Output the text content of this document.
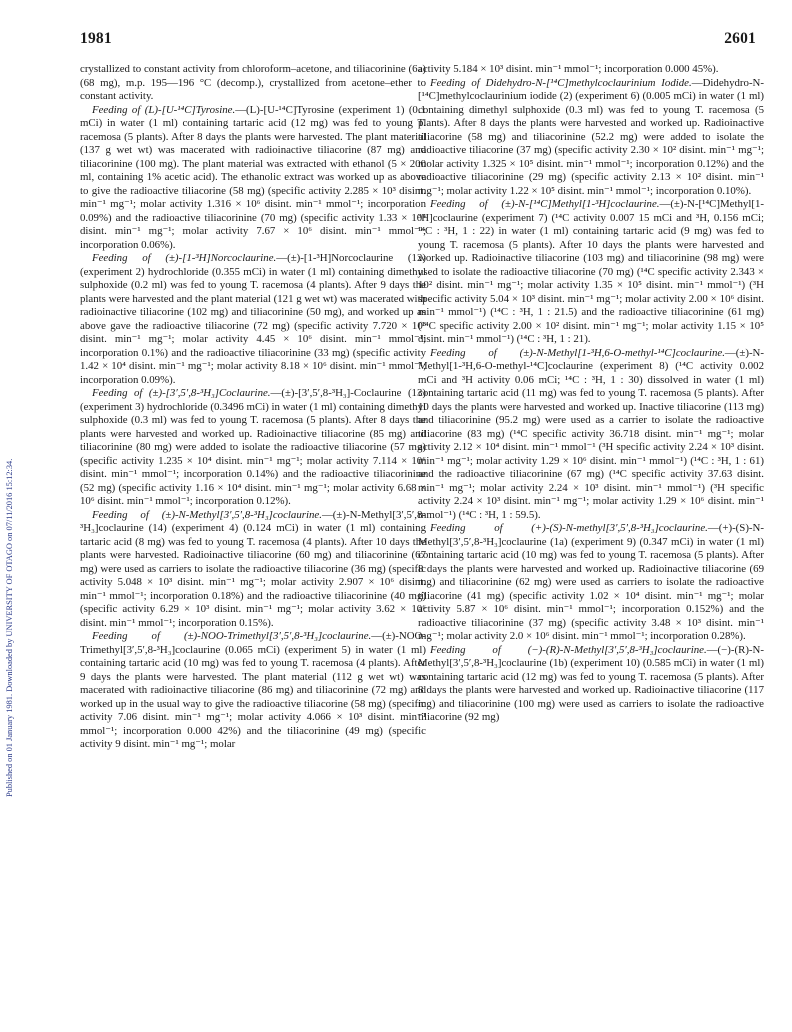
1981	2601
Published on 01 January 1981. Downloaded by UNIVERSITY OF OTAGO on 07/11/2016 15:12:34.

crystallized to constant activity from chloroform–acetone, and tiliacorinine (6a) (68 mg), m.p. 195—196 °C (decomp.), crystallized from acetone–ether to constant activity.

Feeding of (L)-[U-¹⁴C]Tyrosine.—(L)-[U-¹⁴C]Tyrosine (experiment 1) (0.1 mCi) in water (1 ml) containing tartaric acid (12 mg) was fed to young T. racemosa (5 plants). After 8 days the plants were harvested. The plant material (137 g wet wt) was macerated with radioinactive tiliacorine (87 mg) and tiliacorinine (100 mg). The plant material was extracted with ethanol (5 × 200 ml, containing 1% acetic acid). The ethanolic extract was worked up as above to give the radioactive tiliacorine (58 mg) (specific activity 2.285 × 10³ disint. min⁻¹ mg⁻¹; molar activity 1.316 × 10⁶ disint. min⁻¹ mmol⁻¹; incorporation 0.09%) and the radioactive tiliacorinine (70 mg) (specific activity 1.33 × 10⁴ disint. min⁻¹ mg⁻¹; molar activity 7.67 × 10⁶ disint. min⁻¹ mmol⁻¹; incorporation 0.06%).

Feeding of (±)-[1-³H]Norcoclaurine.—(±)-[1-³H]Norcoclaurine (12) (experiment 2) hydrochloride (0.355 mCi) in water (1 ml) containing dimethyl sulphoxide (0.2 ml) was fed to young T. racemosa (4 plants). After 9 days the plants were harvested and the plant material (121 g wet wt) was macerated with radioinactive tiliacorine (102 mg) and tiliacorinine (50 mg), and worked up as above gave the radioactive tiliacorine (72 mg) (specific activity 7.720 × 10³ disint. min⁻¹ mg⁻¹; molar activity 4.45 × 10⁶ disint. min⁻¹ mmol⁻¹; incorporation 0.1%) and the radioactive tiliacorinine (33 mg) (specific activity 1.42 × 10⁴ disint. min⁻¹ mg⁻¹; molar activity 8.18 × 10⁶ disint. min⁻¹ mmol⁻¹; incorporation 0.09%).

Feeding of (±)-[3′,5′,8-³H₃]Coclaurine.—(±)-[3′,5′,8-³H₃]-Coclaurine (13) (experiment 3) hydrochloride (0.3496 mCi) in water (1 ml) containing dimethyl sulphoxide (0.3 ml) was fed to young T. racemosa (5 plants). After 8 days the plants were harvested and worked up. Radioinactive tiliacorine (85 mg) and tiliacorinine (80 mg) were added to isolate the radioactive tiliacorine (57 mg) (specific activity 1.235 × 10⁴ disint. min⁻¹ mg⁻¹; molar activity 7.114 × 10⁶ disint. min⁻¹ mmol⁻¹; incorporation 0.14%) and the radioactive tiliacorinine (52 mg) (specific activity 1.16 × 10⁴ disint. min⁻¹ mg⁻¹; molar activity 6.68 × 10⁶ disint. min⁻¹ mmol⁻¹; incorporation 0.12%).

Feeding of (±)-N-Methyl[3′,5′,8-³H₃]coclaurine.—(±)-N-Methyl[3′,5′,8-³H₃]coclaurine (14) (experiment 4) (0.124 mCi) in water (1 ml) containing tartaric acid (8 mg) was fed to young T. racemosa (4 plants). After 10 days the plants were harvested. Radioinactive tiliacorine (60 mg) and tiliacorinine (67 mg) were used as carriers to isolate the radioactive tiliacorine (36 mg) (specific activity 5.048 × 10³ disint. min⁻¹ mg⁻¹; molar activity 2.907 × 10⁶ disint. min⁻¹ mmol⁻¹; incorporation 0.18%) and the radioactive tiliacorinine (40 mg) (specific activity 6.29 × 10³ disint. min⁻¹ mg⁻¹; molar activity 3.62 × 10⁶ disint. min⁻¹ mmol⁻¹; incorporation 0.15%).

Feeding of (±)-NOO-Trimethyl[3′,5′,8-³H₃]coclaurine.—(±)-NOO-Trimethyl[3′,5′,8-³H₃]coclaurine (0.065 mCi) (experiment 5) in water (1 ml) containing tartaric acid (10 mg) was fed to young T. racemosa (4 plants). After 9 days the plants were harvested. The plant material (112 g wet wt) was macerated with radioinactive tiliacorine (86 mg) and tiliacorinine (72 mg) and worked up in the usual way to give the radioactive tiliacorine (58 mg) (specific activity 7.06 disint. min⁻¹ mg⁻¹; molar activity 4.066 × 10³ disint. min⁻¹ mmol⁻¹; incorporation 0.000 42%) and the tiliacorinine (49 mg) (specific activity 9 disint. min⁻¹ mg⁻¹; molar

activity 5.184 × 10³ disint. min⁻¹ mmol⁻¹; incorporation 0.000 45%).

Feeding of Didehydro-N-[¹⁴C]methylcoclaurinium Iodide.—Didehydro-N-[¹⁴C]methylcoclaurinium iodide (2) (experiment 6) (0.005 mCi) in water (1 ml) containing dimethyl sulphoxide (0.3 ml) was fed to young T. racemosa (5 plants). After 8 days the plants were harvested and worked up. Radioinactive tiliacorine (58 mg) and tiliacorinine (52.2 mg) were added to isolate the radioactive tiliacorine (37 mg) (specific activity 2.30 × 10² disint. min⁻¹ mg⁻¹; molar activity 1.325 × 10⁵ disint. min⁻¹ mmol⁻¹; incorporation 0.12%) and the radioactive tiliacorinine (29 mg) (specific activity 2.13 × 10² disint. min⁻¹ mg⁻¹; molar activity 1.22 × 10⁵ disint. min⁻¹ mmol⁻¹; incorporation 0.10%).

Feeding of (±)-N-[¹⁴C]Methyl[1-³H]coclaurine.—(±)-N-[¹⁴C]Methyl[1-³H]coclaurine (experiment 7) (¹⁴C activity 0.007 15 mCi and ³H, 0.156 mCi; ¹⁴C : ³H, 1 : 22) in water (1 ml) containing tartaric acid (9 mg) was fed to young T. racemosa (5 plants). After 10 days the plants were harvested and worked up. Radioinactive tiliacorine (103 mg) and tiliacorinine (98 mg) were used to isolate the radioactive tiliacorine (70 mg) (¹⁴C specific activity 2.343 × 10² disint. min⁻¹ mg⁻¹; molar activity 1.35 × 10⁵ disint. min⁻¹ mmol⁻¹) (³H specific activity 5.04 × 10³ disint. min⁻¹ mg⁻¹; molar activity 2.00 × 10⁶ disint. min⁻¹ mmol⁻¹) (¹⁴C : ³H, 1 : 21.5) and the radioactive tiliacorinine (61 mg) (¹⁴C specific activity 2.00 × 10² disint. min⁻¹ mg⁻¹; molar activity 1.15 × 10⁵ disint. min⁻¹ mmol⁻¹) (¹⁴C : ³H, 1 : 21).

Feeding of (±)-N-Methyl[1-³H,6-O-methyl-¹⁴C]coclaurine.—(±)-N-Methyl[1-³H,6-O-methyl-¹⁴C]coclaurine (experiment 8) (¹⁴C activity 0.002 mCi and ³H activity 0.06 mCi; ¹⁴C : ³H, 1 : 30) dissolved in water (1 ml) containing tartaric acid (11 mg) was fed to young T. racemosa (5 plants). After 10 days the plants were harvested and worked up. Inactive tiliacorine (113 mg) and tiliacorinine (95.2 mg) were used as a carrier to isolate the radioactive tiliacorine (83 mg) (¹⁴C specific activity 36.718 disint. min⁻¹ mg⁻¹; molar activity 2.12 × 10⁴ disint. min⁻¹ mmol⁻¹ (³H specific activity 2.24 × 10³ disint. min⁻¹ mg⁻¹; molar activity 1.29 × 10⁶ disint. min⁻¹ mmol⁻¹) (¹⁴C : ³H, 1 : 61) and the radioactive tiliacorinine (67 mg) (¹⁴C specific activity 37.63 disint. min⁻¹ mg⁻¹; molar activity 2.24 × 10³ disint. min⁻¹ mmol⁻¹) (³H specific activity 2.24 × 10³ disint. min⁻¹ mg⁻¹; molar activity 1.29 × 10⁶ disint. min⁻¹ mmol⁻¹) (¹⁴C : ³H, 1 : 59.5).

Feeding of (+)-(S)-N-methyl[3′,5′,8-³H₃]coclaurine.—(+)-(S)-N-Methyl[3′,5′,8-³H₃]coclaurine (1a) (experiment 9) (0.347 mCi) in water (1 ml) containing tartaric acid (10 mg) was fed to young T. racemosa (5 plants). After 8 days the plants were harvested and worked up. Radioinactive tiliacorine (69 mg) and tiliacorinine (62 mg) were used as carriers to isolate the radioactive tiliacorine (41 mg) (specific activity 1.02 × 10⁴ disint. min⁻¹ mg⁻¹; molar activity 5.87 × 10⁶ disint. min⁻¹ mmol⁻¹; incorporation 0.152%) and the radioactive tiliacorinine (37 mg) (specific activity 3.48 × 10³ disint. min⁻¹ mg⁻¹; molar activity 2.0 × 10⁶ disint. min⁻¹ mmol⁻¹; incorporation 0.28%).

Feeding of (−)-(R)-N-Methyl[3′,5′,8-³H₃]coclaurine.—(−)-(R)-N-Methyl[3′,5′,8-³H₃]coclaurine (1b) (experiment 10) (0.585 mCi) in water (1 ml) containing tartaric acid (12 mg) was fed to young T. racemosa (5 plants). After 8 days the plants were harvested and worked up. Radioinactive tiliacorine (117 mg) and tiliacorinine (100 mg) were used as carriers to isolate the radioactive tiliacorine (92 mg)
